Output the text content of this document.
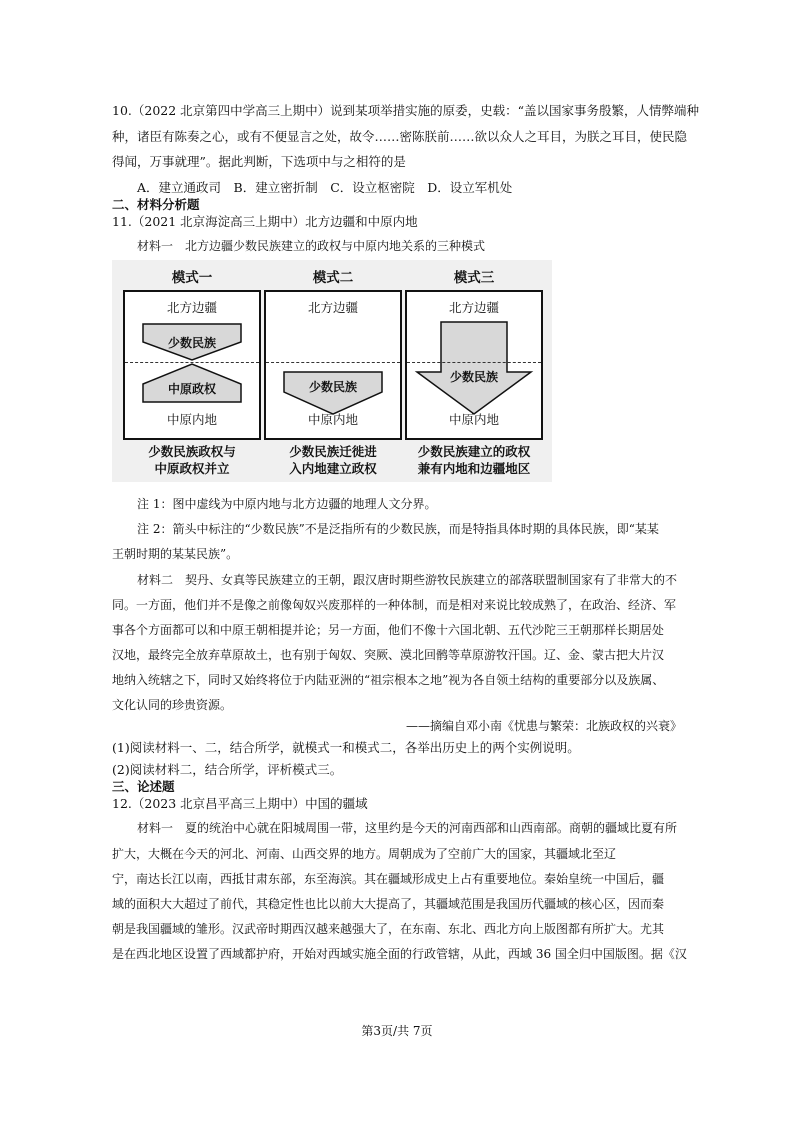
10.（2022 北京第四中学高三上期中）说到某项举措实施的原委，史载：“盖以国家事务殷繁，人情弊端种
种，诸臣有陈奏之心，或有不便显言之处，故令……密陈朕前……欲以众人之耳目，为朕之耳目，使民隐
得闻，万事就理”。据此判断，下选项中与之相符的是
A．建立通政司　B．建立密折制　C．设立枢密院　D．设立军机处
二、材料分析题
11.（2021 北京海淀高三上期中）北方边疆和中原内地
材料一　北方边疆少数民族建立的政权与中原内地关系的三种模式
模式一
北方边疆
少数民族
中原政权
中原内地
少数民族政权与
中原政权并立
模式二
北方边疆
少数民族
中原内地
少数民族迁徙进
入内地建立政权
模式三
北方边疆
少数民族
中原内地
少数民族建立的政权
兼有内地和边疆地区
注 1：图中虚线为中原内地与北方边疆的地理人文分界。
注 2：箭头中标注的“少数民族”不是泛指所有的少数民族，而是特指具体时期的具体民族，即“某某
王朝时期的某某民族”。
材料二　契丹、女真等民族建立的王朝，跟汉唐时期些游牧民族建立的部落联盟制国家有了非常大的不
同。一方面，他们并不是像之前像匈奴兴废那样的一种体制，而是相对来说比较成熟了，在政治、经济、军
事各个方面都可以和中原王朝相提并论；另一方面，他们不像十六国北朝、五代沙陀三王朝那样长期居处
汉地，最终完全放弃草原故土，也有别于匈奴、突厥、漠北回鹘等草原游牧汗国。辽、金、蒙古把大片汉
地纳入统辖之下，同时又始终将位于内陆亚洲的“祖宗根本之地”视为各自领土结构的重要部分以及族属、
文化认同的珍贵资源。
——摘编自邓小南《忧患与繁荣：北族政权的兴衰》
(1)阅读材料一、二，结合所学，就模式一和模式二，各举出历史上的两个实例说明。
(2)阅读材料二，结合所学，评析模式三。
三、论述题
12.（2023 北京昌平高三上期中）中国的疆域
材料一　夏的统治中心就在阳城周围一带，这里约是今天的河南西部和山西南部。商朝的疆域比夏有所
扩大，大概在今天的河北、河南、山西交界的地方。周朝成为了空前广大的国家，其疆域北至辽
宁，南达长江以南，西抵甘肃东部，东至海滨。其在疆域形成史上占有重要地位。秦始皇统一中国后，疆
域的面积大大超过了前代，其稳定性也比以前大大提高了，其疆域范围是我国历代疆域的核心区，因而秦
朝是我国疆域的雏形。汉武帝时期西汉越来越强大了，在东南、东北、西北方向上版图都有所扩大。尤其
是在西北地区设置了西域都护府，开始对西域实施全面的行政管辖，从此，西域 36 国全归中国版图。据《汉
第3页/共 7页
